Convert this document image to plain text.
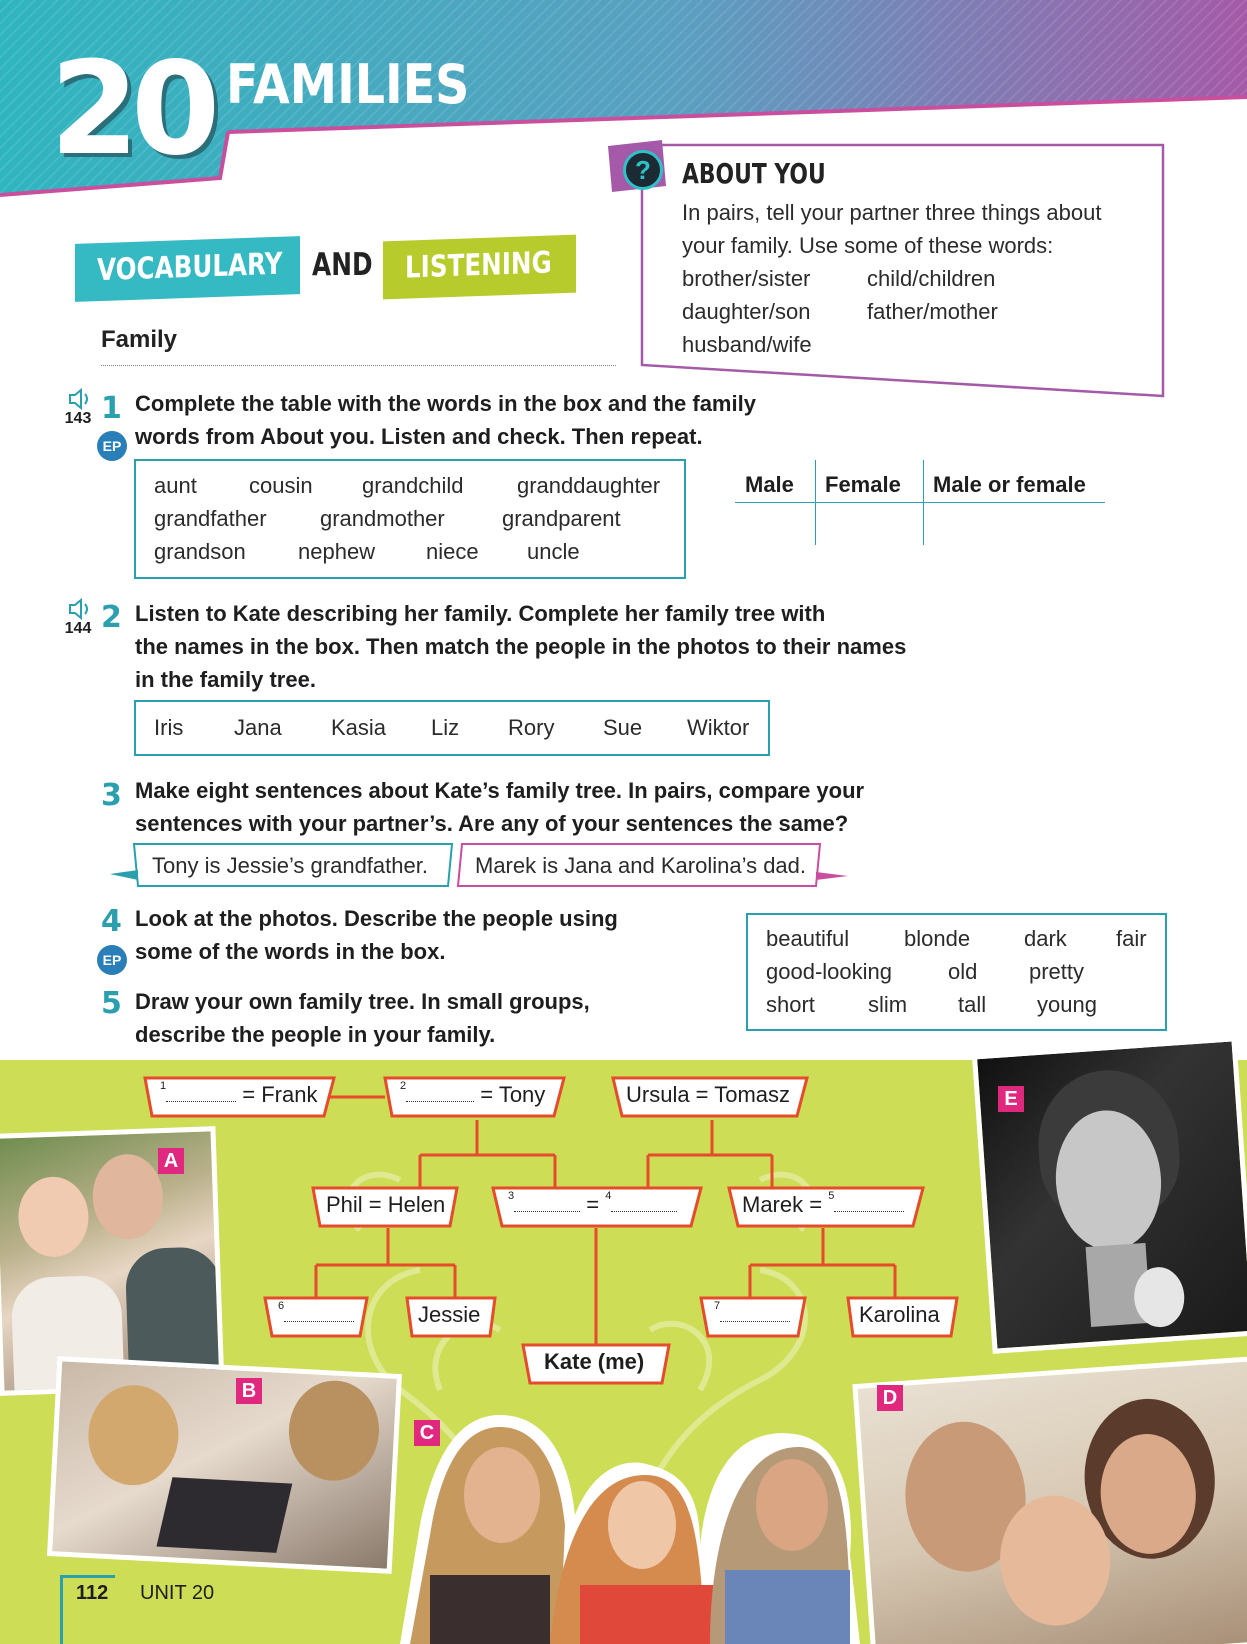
20 FAMILIES
?	ABOUT YOU
In pairs, tell your partner three things about your family. Use some of these words:
brother/sister	child/children
daughter/son	father/mother
husband/wife
VOCABULARY AND LISTENING
Family
143 1
EP
Complete the table with the words in the box and the family
words from About you. Listen and check. Then repeat.
aunt cousin grandchild granddaughter
grandfather grandmother	grandparent
grandson nephew niece uncle
Male Female Male or female
144 2 Listen to Kate describing her family. Complete her family tree with
the names in the box. Then match the people in the photos to their names
in the family tree.
Iris Jana Kasia Liz Rory Sue Wiktor
3 Make eight sentences about Kate’s family tree. In pairs, compare your
sentences with your partner’s. Are any of your sentences the same?
Tony is Jessie’s grandfather.	Marek is Jana and Karolina’s dad.
4
EP
Look at the photos. Describe the people using
some of the words in the box.
beautiful blonde dark fair
good-looking	old pretty
short slim tall young
5 Draw your own family tree. In small groups,
describe the people in your family.
A
B
C
D
E
$^1$	= Frank	$^2$	= Tony	Ursula = Tomasz
Phil = Helen	$^3$	= $^4$	Marek = $^5$
$^6$	Jessie	$^7$	Karolina
Kate (me)
112 UNIT 20
